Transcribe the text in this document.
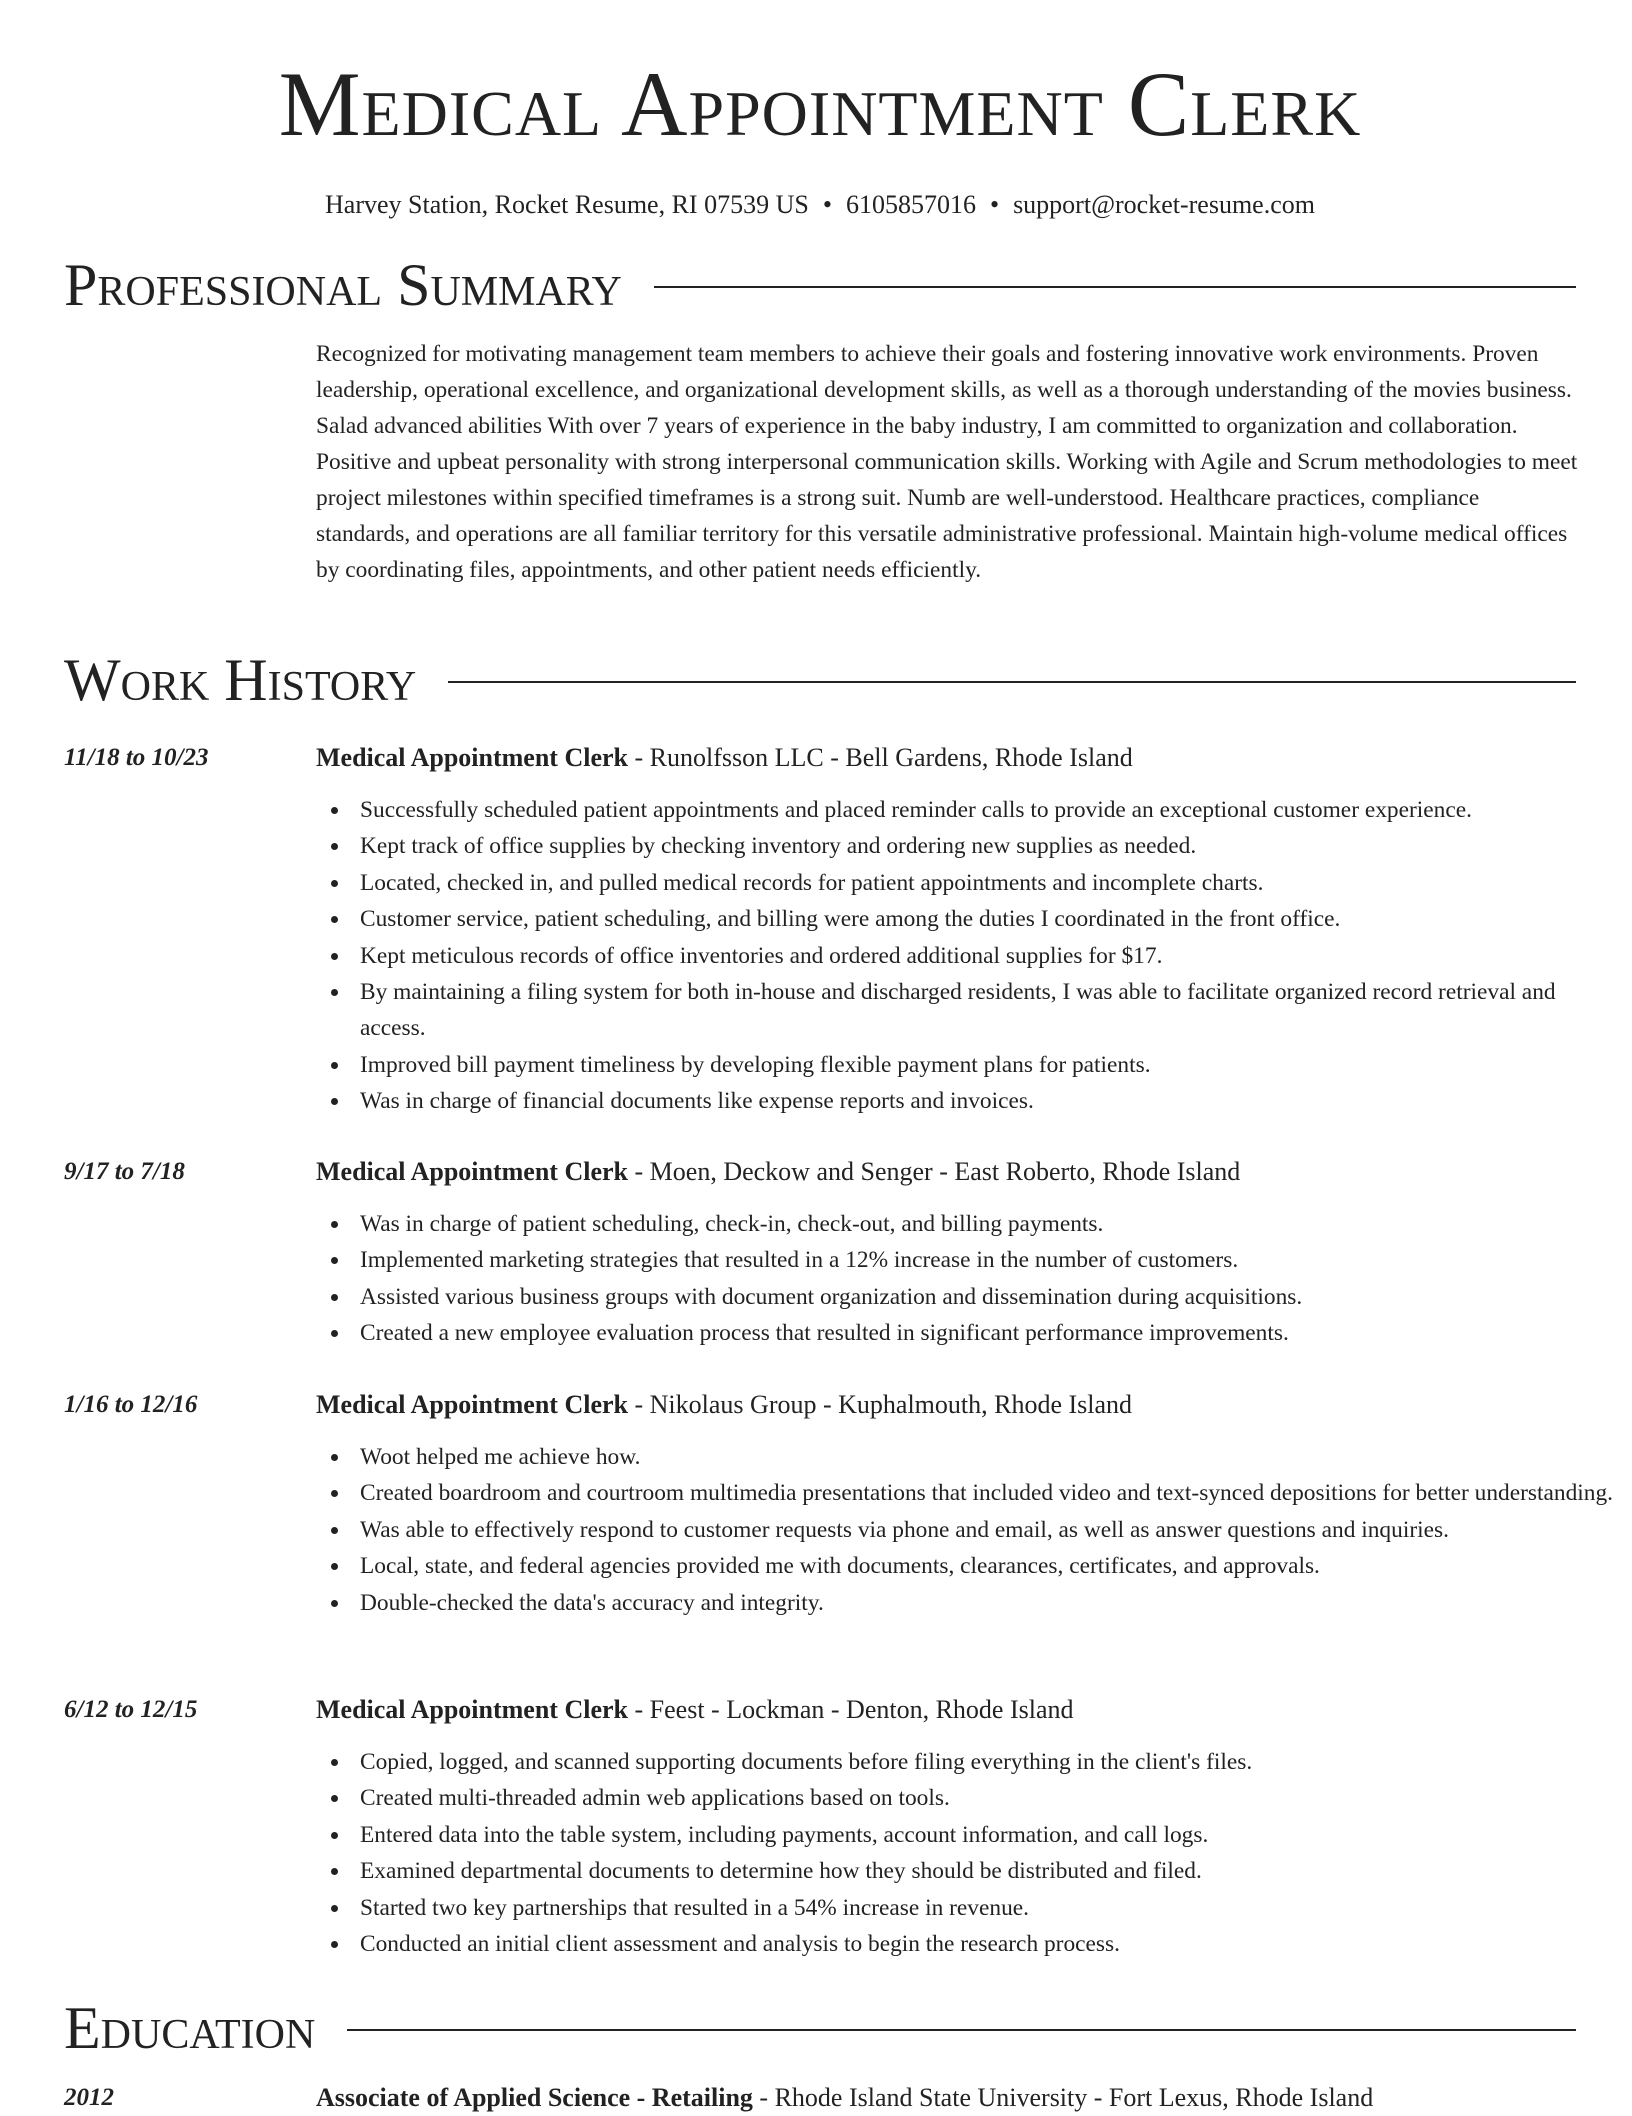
Medical Appointment Clerk
Harvey Station, Rocket Resume, RI 07539 US • 6105857016 • support@rocket-resume.com
Professional Summary

Recognized for motivating management team members to achieve their goals and fostering innovative work environments. Proven leadership, operational excellence, and organizational development skills, as well as a thorough understanding of the movies business. Salad advanced abilities With over 7 years of experience in the baby industry, I am committed to organization and collaboration. Positive and upbeat personality with strong interpersonal communication skills. Working with Agile and Scrum methodologies to meet project milestones within specified timeframes is a strong suit. Numb are well-understood. Healthcare practices, compliance standards, and operations are all familiar territory for this versatile administrative professional. Maintain high-volume medical offices by coordinating files, appointments, and other patient needs efficiently.

Work History
11/18 to 10/23	Medical Appointment Clerk - Runolfsson LLC - Bell Gardens, Rhode Island
Successfully scheduled patient appointments and placed reminder calls to provide an exceptional customer experience.
Kept track of office supplies by checking inventory and ordering new supplies as needed.
Located, checked in, and pulled medical records for patient appointments and incomplete charts.
Customer service, patient scheduling, and billing were among the duties I coordinated in the front office.
Kept meticulous records of office inventories and ordered additional supplies for $17.
By maintaining a filing system for both in-house and discharged residents, I was able to facilitate organized record retrieval and access.
Improved bill payment timeliness by developing flexible payment plans for patients.
Was in charge of financial documents like expense reports and invoices.
9/17 to 7/18	Medical Appointment Clerk - Moen, Deckow and Senger - East Roberto, Rhode Island
Was in charge of patient scheduling, check-in, check-out, and billing payments.
Implemented marketing strategies that resulted in a 12% increase in the number of customers.
Assisted various business groups with document organization and dissemination during acquisitions.
Created a new employee evaluation process that resulted in significant performance improvements.
1/16 to 12/16	Medical Appointment Clerk - Nikolaus Group - Kuphalmouth, Rhode Island
Woot helped me achieve how.
Created boardroom and courtroom multimedia presentations that included video and text-synced depositions for better understanding.
Was able to effectively respond to customer requests via phone and email, as well as answer questions and inquiries.
Local, state, and federal agencies provided me with documents, clearances, certificates, and approvals.
Double-checked the data's accuracy and integrity.
6/12 to 12/15	Medical Appointment Clerk - Feest - Lockman - Denton, Rhode Island
Copied, logged, and scanned supporting documents before filing everything in the client's files.
Created multi-threaded admin web applications based on tools.
Entered data into the table system, including payments, account information, and call logs.
Examined departmental documents to determine how they should be distributed and filed.
Started two key partnerships that resulted in a 54% increase in revenue.
Conducted an initial client assessment and analysis to begin the research process.
Education
2012	Associate of Applied Science - Retailing - Rhode Island State University - Fort Lexus, Rhode Island
